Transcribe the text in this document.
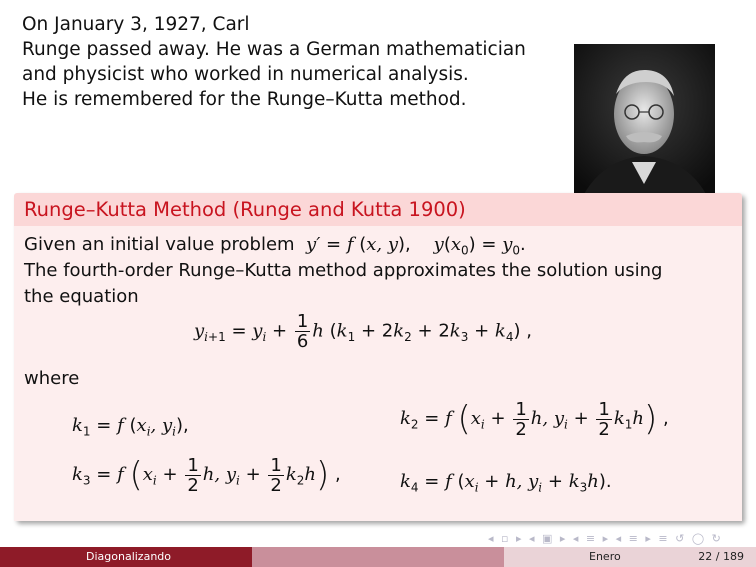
On January 3, 1927, Carl
Runge passed away. He was a German mathematician
and physicist who worked in numerical analysis.
He is remembered for the Runge–Kutta method.
Runge–Kutta Method (Runge and Kutta 1900)
Given an initial value problem  y′ = f (x, y),    $y(x_0) = y_0$.
The fourth-order Runge–Kutta method approximates the solution using
the equation
$y_{i+1} = y_i + \frac{1}{6}$ h $(k_1 + 2k_2 + 2k_3 + k_4)$ ,
where
$k_1 = f$ ($x_i$, $y_i$),	$k_2 = f$ ($x_i + \frac{1}{2} h$, $y_i + \frac{1}{2} k_1h$) ,
$k_3 = f$ ($x_i + \frac{1}{2} h$, $y_i + \frac{1}{2} k_2h$) ,	$k_4 = f$ ($x_i + h$, $y_i + k_3h$).
◂ ▫ ▸ ◂ ▣ ▸ ◂ ≡ ▸ ◂ ≡ ▸ ≡ ↺ ◯ ↻
Diagonalizando	Enero	22 / 189
